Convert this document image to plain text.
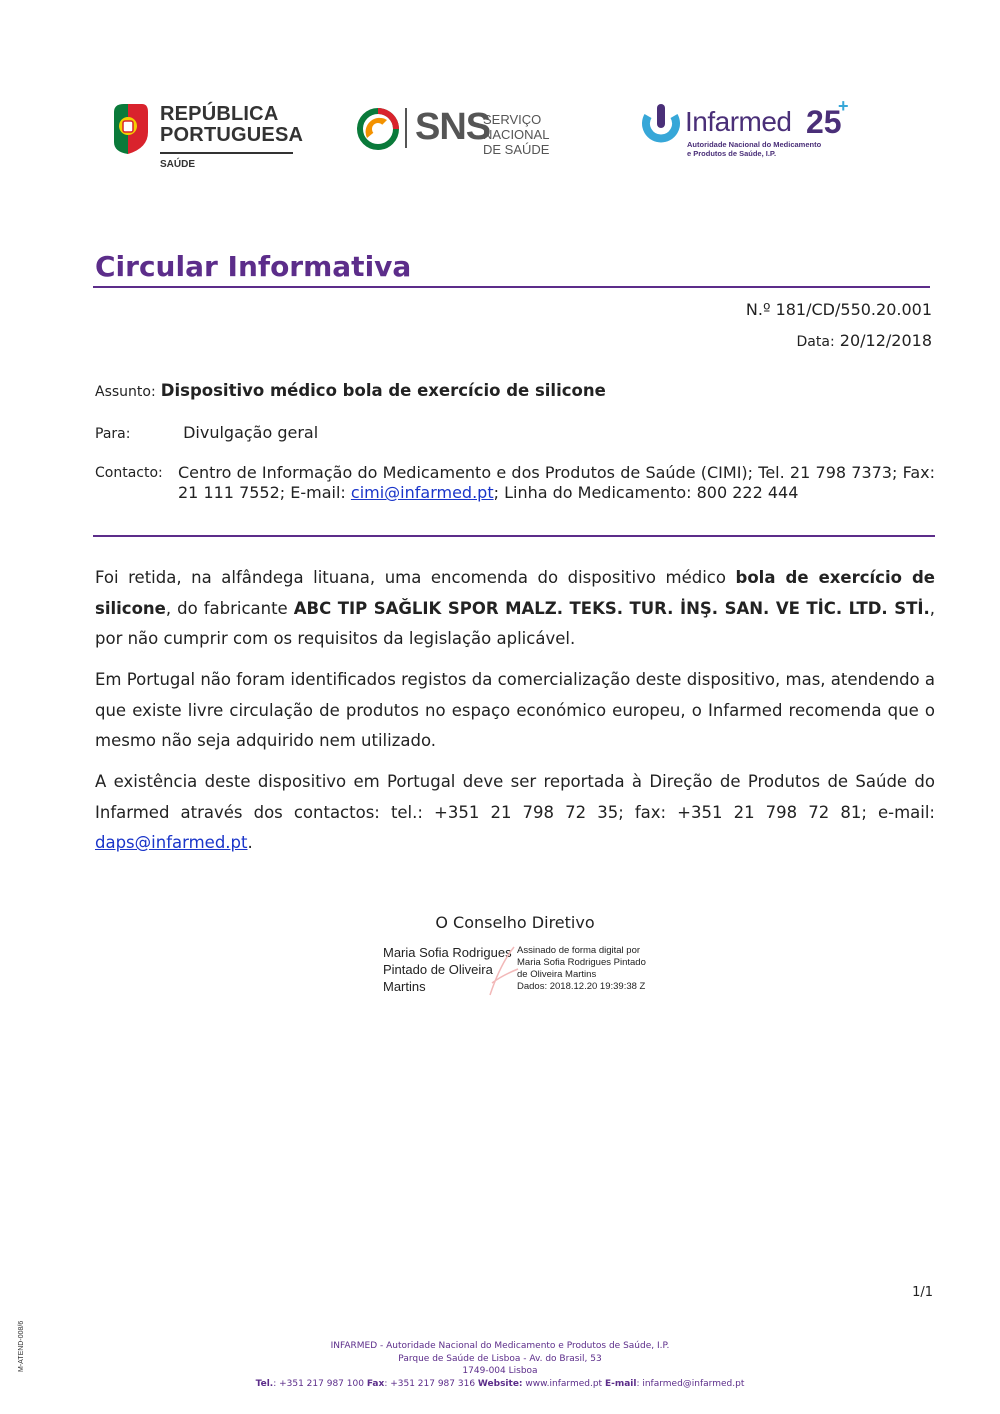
REPÚBLICA
PORTUGUESA
SAÚDE
SNS
SERVIÇO NACIONAL
DE SAÚDE
Infarmed 25
+
Autoridade Nacional do Medicamento
e Produtos de Saúde, I.P.
Circular Informativa
N.º 181/CD/550.20.001
Data: 20/12/2018
Assunto: Dispositivo médico bola de exercício de silicone
Para:	Divulgação geral
Contacto: Centro de Informação do Medicamento e dos Produtos de Saúde (CIMI); Tel. 21 798 7373; Fax: 21 111 7552; E-mail: cimi@infarmed.pt; Linha do Medicamento: 800 222 444

Foi retida, na alfândega lituana, uma encomenda do dispositivo médico bola de exercício de silicone, do fabricante ABC TIP SAĞLIK SPOR MALZ. TEKS. TUR. İNŞ. SAN. VE TİC. LTD. STİ., por não cumprir com os requisitos da legislação aplicável.

Em Portugal não foram identificados registos da comercialização deste dispositivo, mas, atendendo a que existe livre circulação de produtos no espaço económico europeu, o Infarmed recomenda que o mesmo não seja adquirido nem utilizado.

A existência deste dispositivo em Portugal deve ser reportada à Direção de Produtos de Saúde do Infarmed através dos contactos: tel.: +351 21 798 72 35; fax: +351 21 798 72 81; e-mail: daps@infarmed.pt.

O Conselho Diretivo
Maria Sofia Rodrigues
Pintado de Oliveira
Martins
Assinado de forma digital por
Maria Sofia Rodrigues Pintado
de Oliveira Martins
Dados: 2018.12.20 19:39:38 Z
1/1
M-ATEND-008/6	INFARMED - Autoridade Nacional do Medicamento e Produtos de Saúde, I.P.
Parque de Saúde de Lisboa - Av. do Brasil, 53
1749-004 Lisboa
Tel.: +351 217 987 100 Fax: +351 217 987 316 Website: www.infarmed.pt E-mail: infarmed@infarmed.pt
